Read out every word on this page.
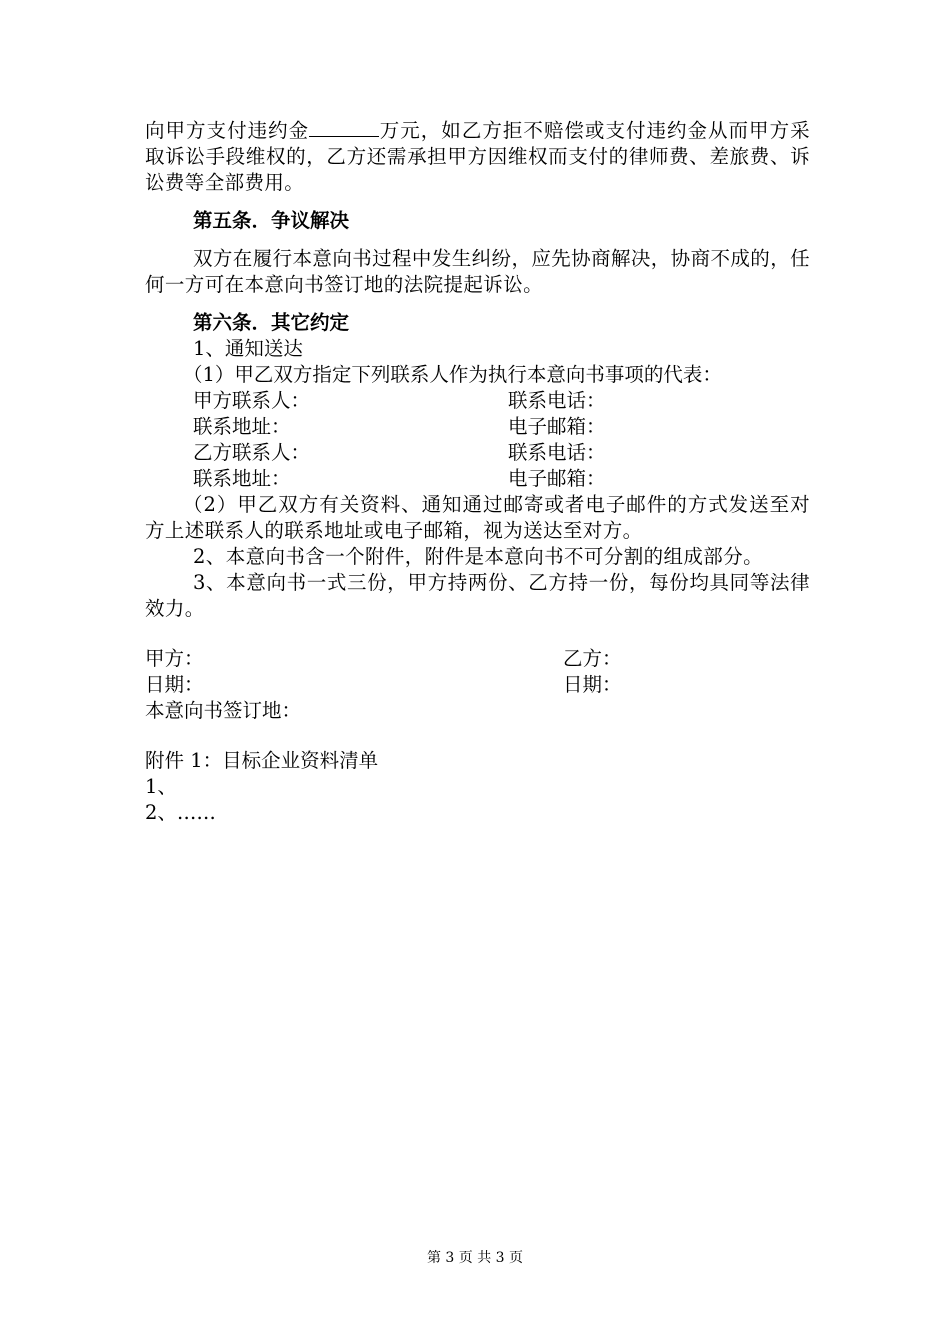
向甲方支付违约金	万元，如乙方拒不赔偿或支付违约金从而甲方采取诉讼手段维权的，乙方还需承担甲方因维权而支付的律师费、差旅费、诉讼费等全部费用。

第五条．争议解决

双方在履行本意向书过程中发生纠纷，应先协商解决，协商不成的，任何一方可在本意向书签订地的法院提起诉讼。

第六条．其它约定

1、通知送达

（1）甲乙双方指定下列联系人作为执行本意向书事项的代表：

甲方联系人：	联系电话：
联系地址：	电子邮箱：
乙方联系人：	联系电话：
联系地址：	电子邮箱：

（2）甲乙双方有关资料、通知通过邮寄或者电子邮件的方式发送至对方上述联系人的联系地址或电子邮箱，视为送达至对方。

2、本意向书含一个附件，附件是本意向书不可分割的组成部分。

3、本意向书一式三份，甲方持两份、乙方持一份，每份均具同等法律效力。

甲方：	乙方：
日期：	日期：

本意向书签订地：

附件 1：目标企业资料清单

1、

2、……

第 3 页 共 3 页
